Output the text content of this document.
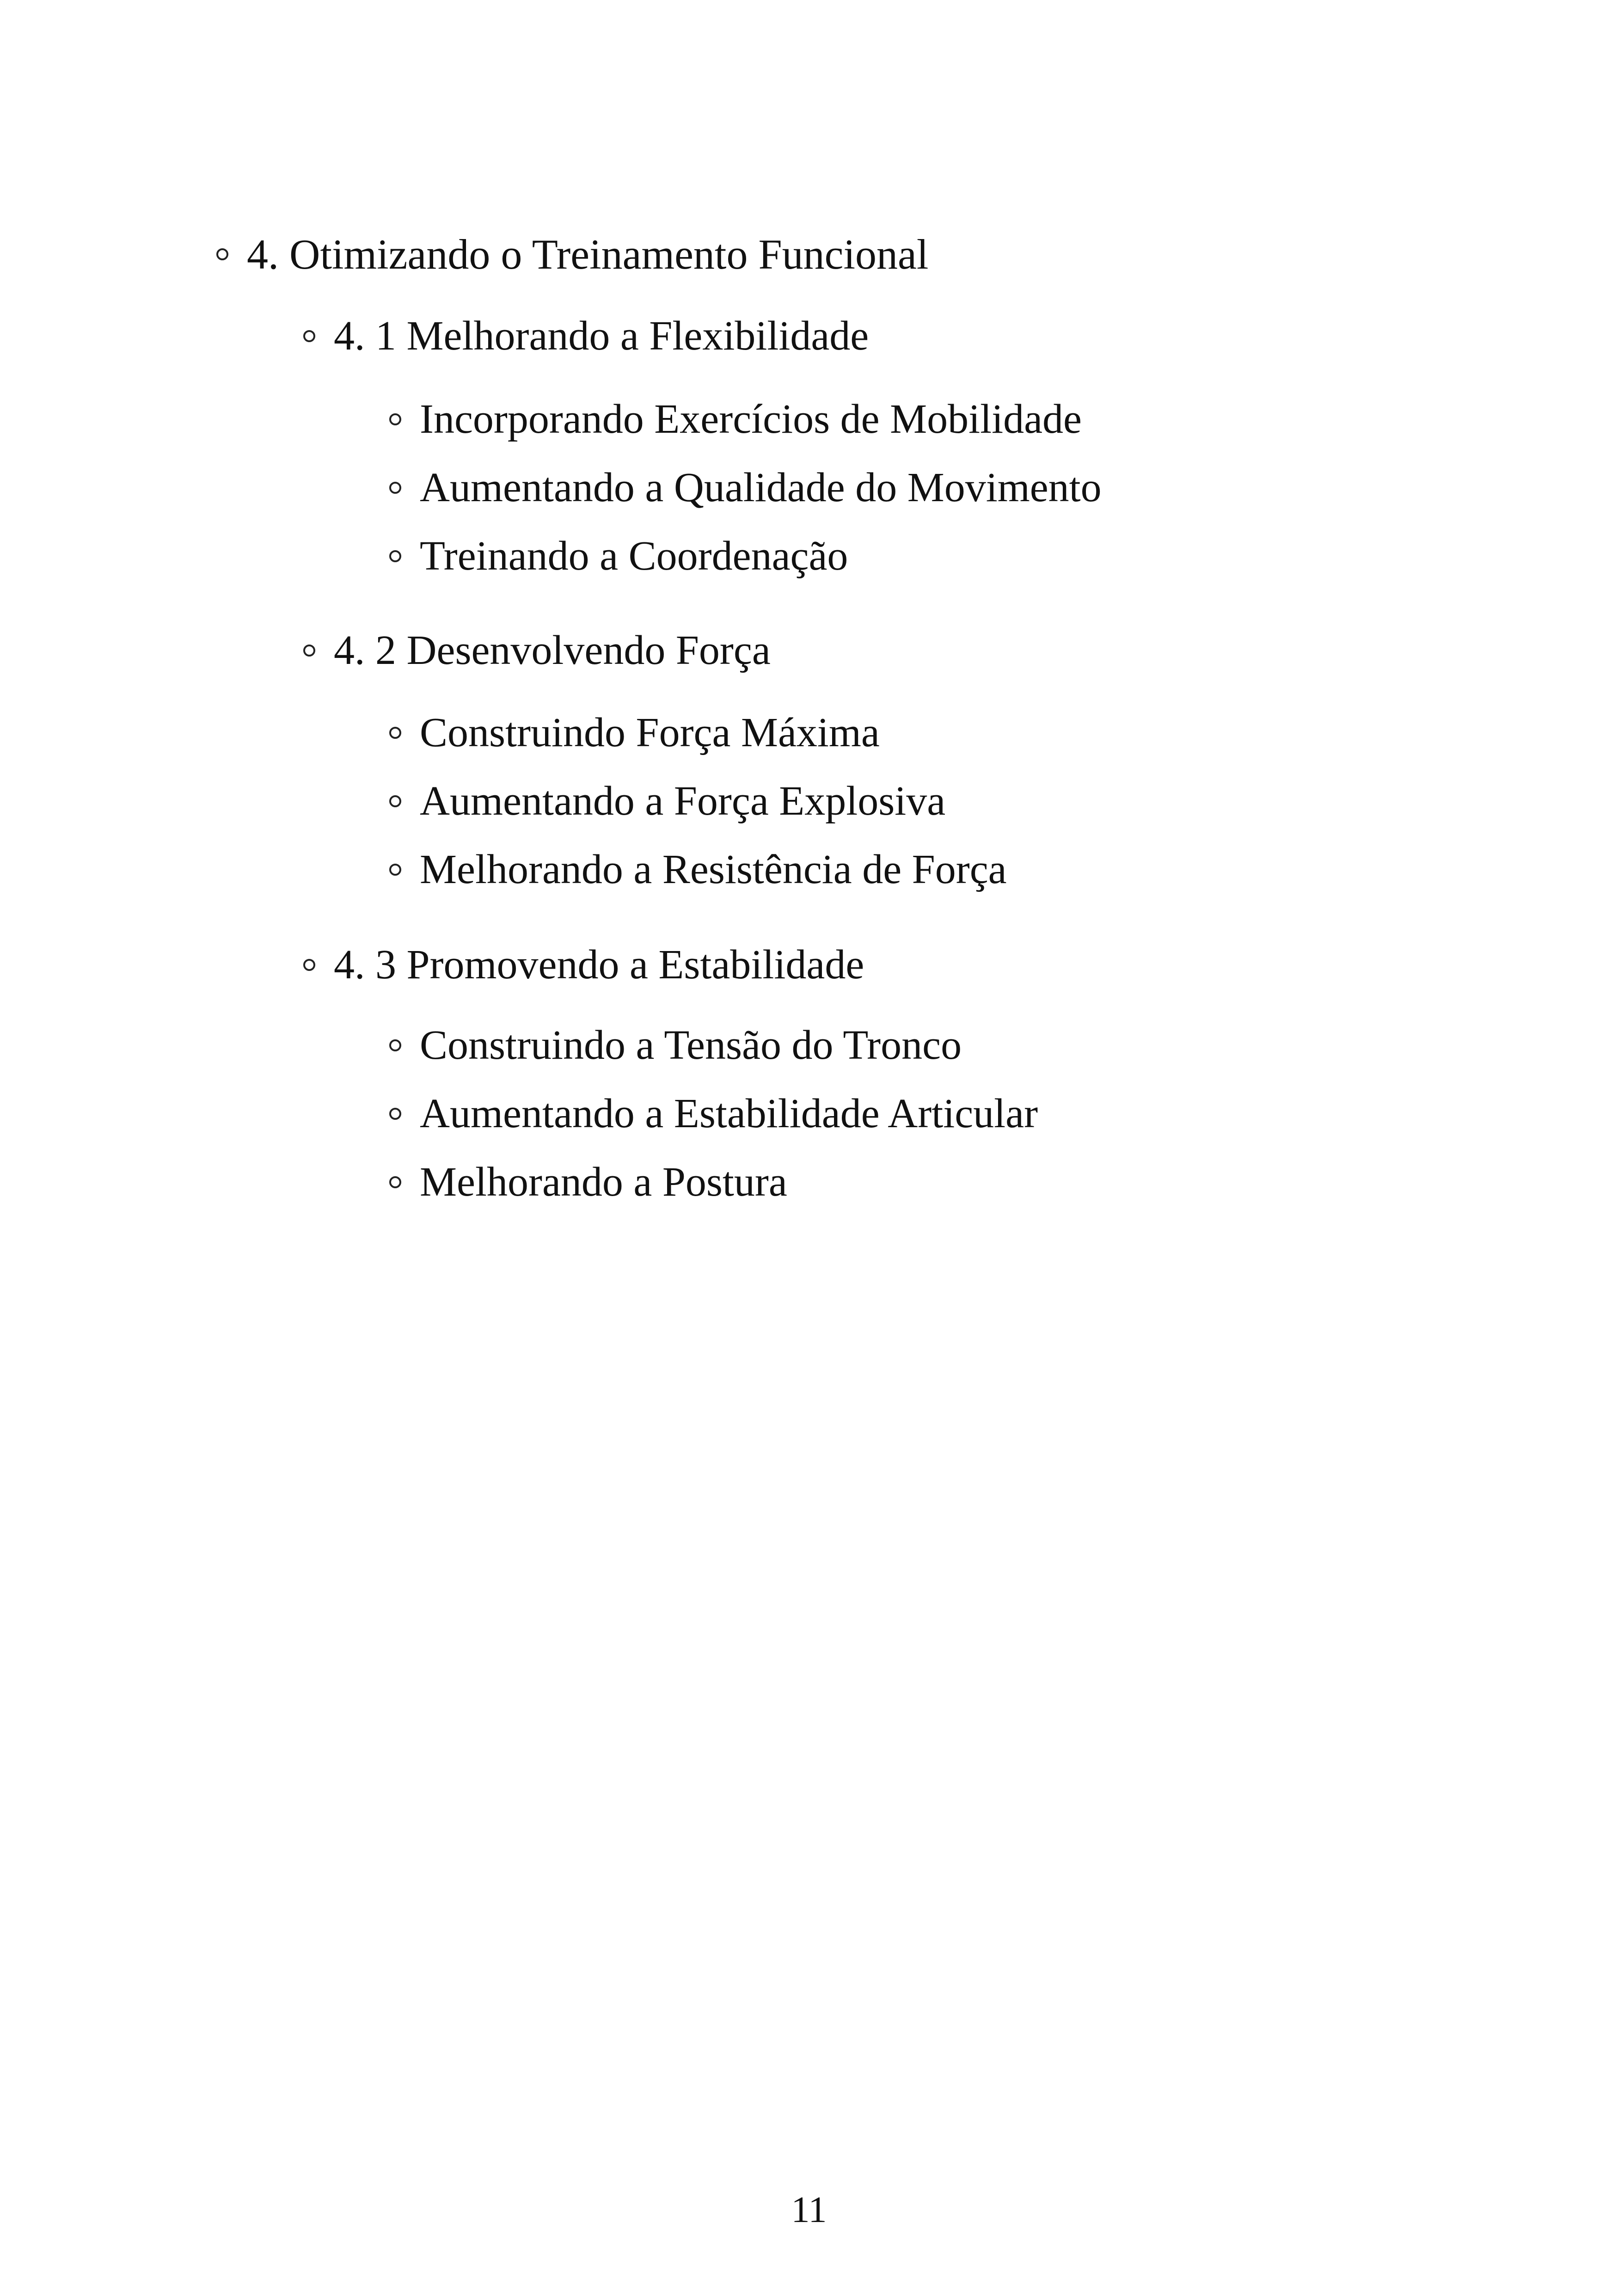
4. Otimizando o Treinamento Funcional
4. 1 Melhorando a Flexibilidade
Incorporando Exercícios de Mobilidade
Aumentando a Qualidade do Movimento
Treinando a Coordenação
4. 2 Desenvolvendo Força
Construindo Força Máxima
Aumentando a Força Explosiva
Melhorando a Resistência de Força
4. 3 Promovendo a Estabilidade
Construindo a Tensão do Tronco
Aumentando a Estabilidade Articular
Melhorando a Postura
11
